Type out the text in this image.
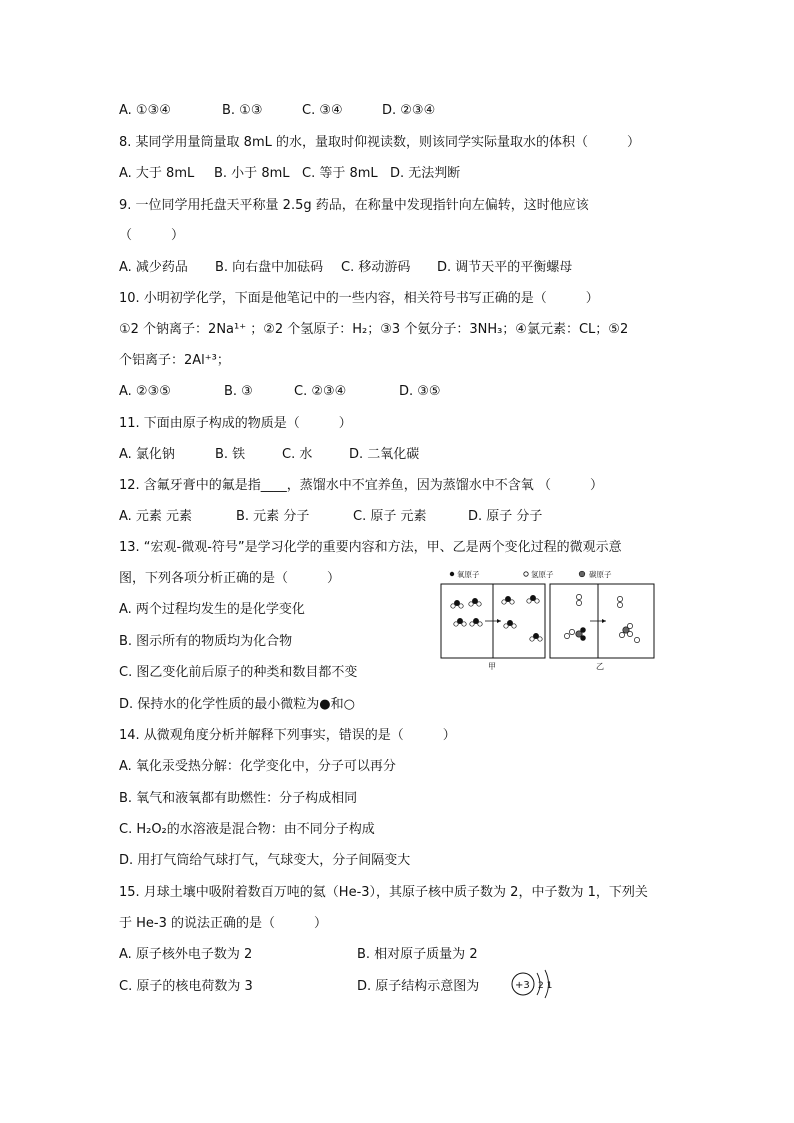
A. ①③④	B. ①③	C. ③④	D. ②③④
8. 某同学用量筒量取 8mL 的水，量取时仰视读数，则该同学实际量取水的体积（　　　）
A. 大于 8mL B. 小于 8mL C. 等于 8mL D. 无法判断
9. 一位同学用托盘天平称量 2.5g 药品，在称量中发现指针向左偏转，这时他应该
（　　　）
A. 减少药品 B. 向右盘中加砝码 C. 移动游码 D. 调节天平的平衡螺母
10. 小明初学化学，下面是他笔记中的一些内容，相关符号书写正确的是（　　　）
①2 个钠离子：2Na¹⁺ ；②2 个氢原子：H₂；③3 个氨分子：3NH₃；④氯元素：CL；⑤2
个铝离子：2Al⁺³；
A. ②③⑤	B. ③	C. ②③④	D. ③⑤
11. 下面由原子构成的物质是（　　　）
A. 氯化钠	B. 铁	C. 水	D. 二氧化碳
12. 含氟牙膏中的氟是指____，蒸馏水中不宜养鱼，因为蒸馏水中不含氧 （　　　）
A. 元素 元素	B. 元素 分子	C. 原子 元素	D. 原子 分子
13. “宏观-微观-符号”是学习化学的重要内容和方法，甲、乙是两个变化过程的微观示意
图，下列各项分析正确的是（　　　）
A. 两个过程均发生的是化学变化
B. 图示所有的物质均为化合物
C. 图乙变化前后原子的种类和数目都不变
D. 保持水的化学性质的最小微粒为●和○
氧原子	氢原子	碳原子
甲	乙
14. 从微观角度分析并解释下列事实，错误的是（　　　）
A. 氧化汞受热分解：化学变化中，分子可以再分
B. 氧气和液氧都有助燃性：分子构成相同
C. H₂O₂的水溶液是混合物：由不同分子构成
D. 用打气筒给气球打气，气球变大，分子间隔变大
15. 月球土壤中吸附着数百万吨的氦（He-3），其原子核中质子数为 2，中子数为 1，下列关
于 He-3 的说法正确的是（　　　）
A. 原子核外电子数为 2	B. 相对原子质量为 2
C. 原子的核电荷数为 3	D. 原子结构示意图为	+3 2 1
